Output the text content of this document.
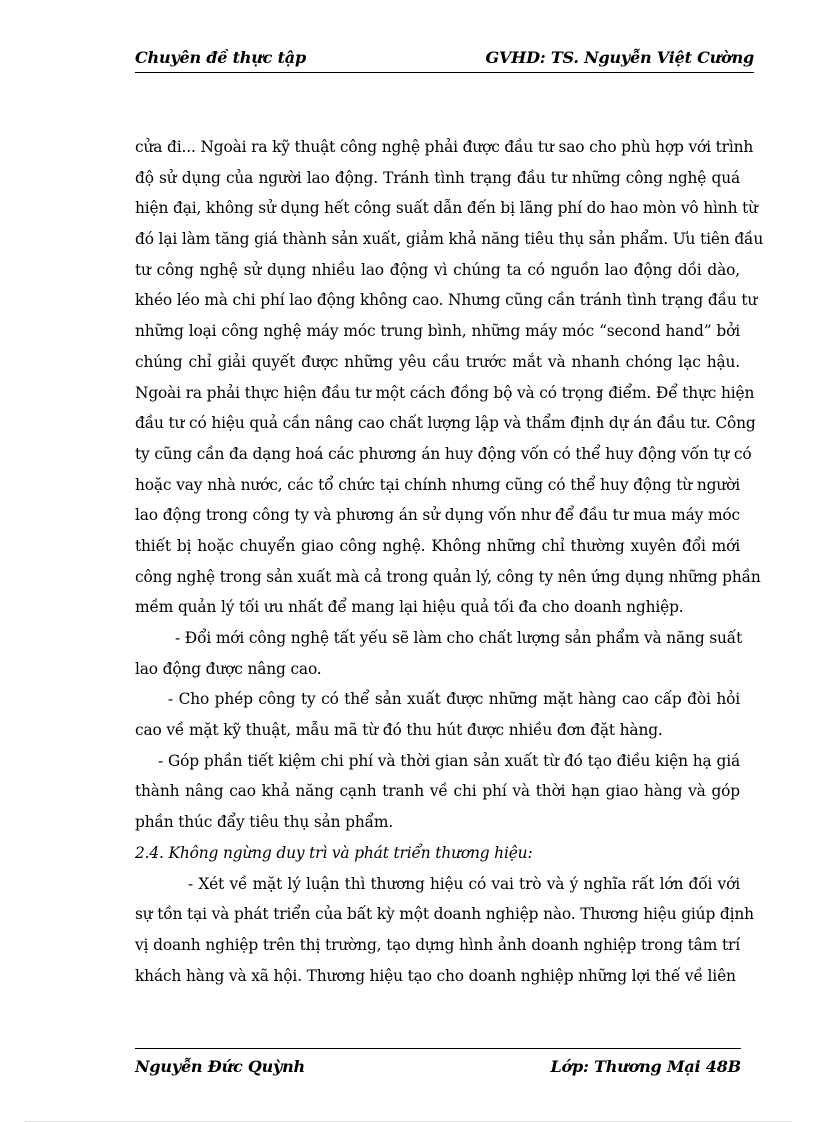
Chuyên đề thực tập	GVHD: TS. Nguyễn Việt Cường
cửa đi... Ngoài ra kỹ thuật công nghệ phải được đầu tư sao cho phù hợp với trình
độ sử dụng của người lao động. Tránh tình trạng đầu tư những công nghệ quá
hiện đại, không sử dụng hết công suất dẫn đến bị lãng phí do hao mòn vô hình từ
đó lại làm tăng giá thành sản xuất, giảm khả năng tiêu thụ sản phẩm. Ưu tiên đầu
tư công nghệ sử dụng nhiều lao động vì chúng ta có nguồn lao động dồi dào,
khéo léo mà chi phí lao động không cao. Nhưng cũng cần tránh tình trạng đầu tư
những loại công nghệ máy móc trung bình, những máy móc “second hand” bởi
chúng chỉ giải quyết được những yêu cầu trước mắt và nhanh chóng lạc hậu.
Ngoài ra phải thực hiện đầu tư một cách đồng bộ và có trọng điểm. Để thực hiện
đầu tư có hiệu quả cần nâng cao chất lượng lập và thẩm định dự án đầu tư. Công
ty cũng cần đa dạng hoá các phương án huy động vốn có thể huy động vốn tự có
hoặc vay nhà nước, các tổ chức tại chính nhưng cũng có thể huy động từ người
lao động trong công ty và phương án sử dụng vốn như để đầu tư mua máy móc
thiết bị hoặc chuyển giao công nghệ. Không những chỉ thường xuyên đổi mới
công nghệ trong sản xuất mà cả trong quản lý, công ty nên ứng dụng những phần
mềm quản lý tối ưu nhất để mang lại hiệu quả tối đa cho doanh nghiệp.
- Đổi mới công nghệ tất yếu sẽ làm cho chất lượng sản phẩm và năng suất
lao động được nâng cao.
- Cho phép công ty có thể sản xuất được những mặt hàng cao cấp đòi hỏi
cao về mặt kỹ thuật, mẫu mã từ đó thu hút được nhiều đơn đặt hàng.
- Góp phần tiết kiệm chi phí và thời gian sản xuất từ đó tạo điều kiện hạ giá
thành nâng cao khả năng cạnh tranh về chi phí và thời hạn giao hàng và góp
phần thúc đẩy tiêu thụ sản phẩm.
2.4. Không ngừng duy trì và phát triển thương hiệu:
- Xét về mặt lý luận thì thương hiệu có vai trò và ý nghĩa rất lớn đối với
sự tồn tại và phát triển của bất kỳ một doanh nghiệp nào. Thương hiệu giúp định
vị doanh nghiệp trên thị trường, tạo dựng hình ảnh doanh nghiệp trong tâm trí
khách hàng và xã hội. Thương hiệu tạo cho doanh nghiệp những lợi thế về liên
Nguyễn Đức Quỳnh	Lớp: Thương Mại 48B
